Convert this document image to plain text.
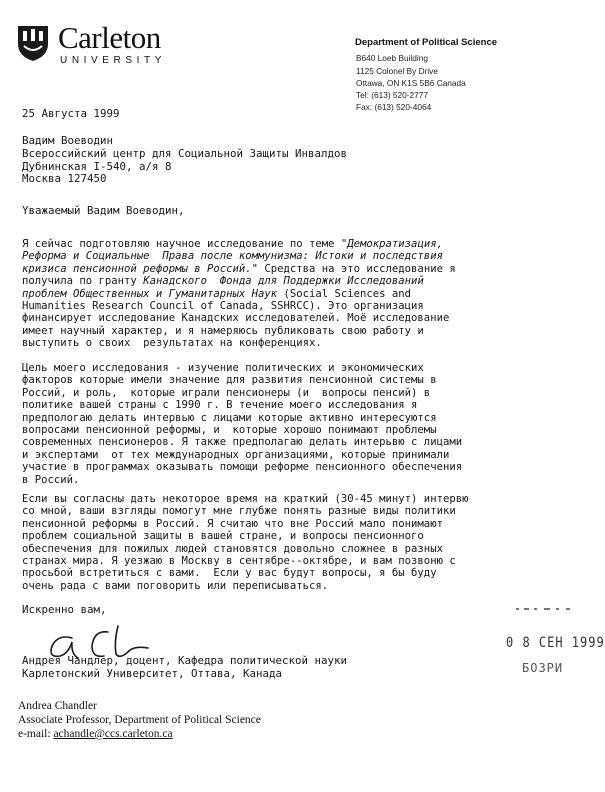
Carleton
UNIVERSITY
Department of Political Science
B640 Loeb Building
1125 Colonel By Drive
Ottawa, ON K1S 5B6 Canada
Tel: (613) 520-2777
Fax: (613) 520-4064
25 Августа 1999
Вадим Воеводин
Всероссийский центр для Социальной Защиты Инвалдов
Дубнинская I-540, а/я 8
Москва 127450
Yважаемый Вадим Воеводин,
Я сейчас подготовляю научное исследование по теме "Демократизация,
Реформа и Социальные  Права после коммунизма: Истоки и последствия
кризиса пенсионной реформы в Россий." Средства на это исследование я
получила по гранту Канадского  Фонда для Поддержки Исследований
проблем Общественных и Гуманитарных Наук (Social Sciences and
Humanities Research Council of Canada, SSHRCC). Это организация
финансирует исследование Канадских исследователей. Моё исследование
имеет научный характер, и я намеряюсь публиковать свою работу и
выступить о своих  результатах на конференциях.
Цель моего исследования - изучение политических и экономических
факторов которые имели значение для развития пенсионной системы в
Россий, и роль,  которые играли пенсионеры (и  вопросы пенсий) в
политике вашей страны с 1990 г. В течение моего исследования я
предпологаю делать интервью с лицами которые активно интересуются
вопросами пенсионной реформы, и  которые хорошо понимают проблемы
современных пенсионеров. Я также предполагаю делать интерьвю с лицами
и экспертами  от тех международных организациями, которые принимали
участие в программах оказывать помощи реформе пенсионного обеспечения
в Россий.
Если вы согласны дать некоторое время на краткий (30-45 минут) интервю
со мной, ваши взгляды помогут мне глубже понять разные виды политики
пенсионной реформы в Россий. Я считаю что вне Россий мало понимают
проблем социальной защиты в вашей стране, и вопросы пенсионного
обеспечения для пожилых людей становятся довольно сложнее в разных
странах мира. Я уезжаю в Москву в сентябре--октябре, и вам позвоню с
просьбой встретиться с вами.  Если у вас будут вопросы, я бы буду
очень рада с вами поговорить или переписываться.
Искренно вам,
Андрея Чандлер, доцент, Кафедра политической науки
Карлетонский Университет, Оттава, Канада
0 8 СЕН 1999
БОЗРИ
Andrea Chandler
Associate Professor, Department of Political Science
e-mail: achandle@ccs.carleton.ca
